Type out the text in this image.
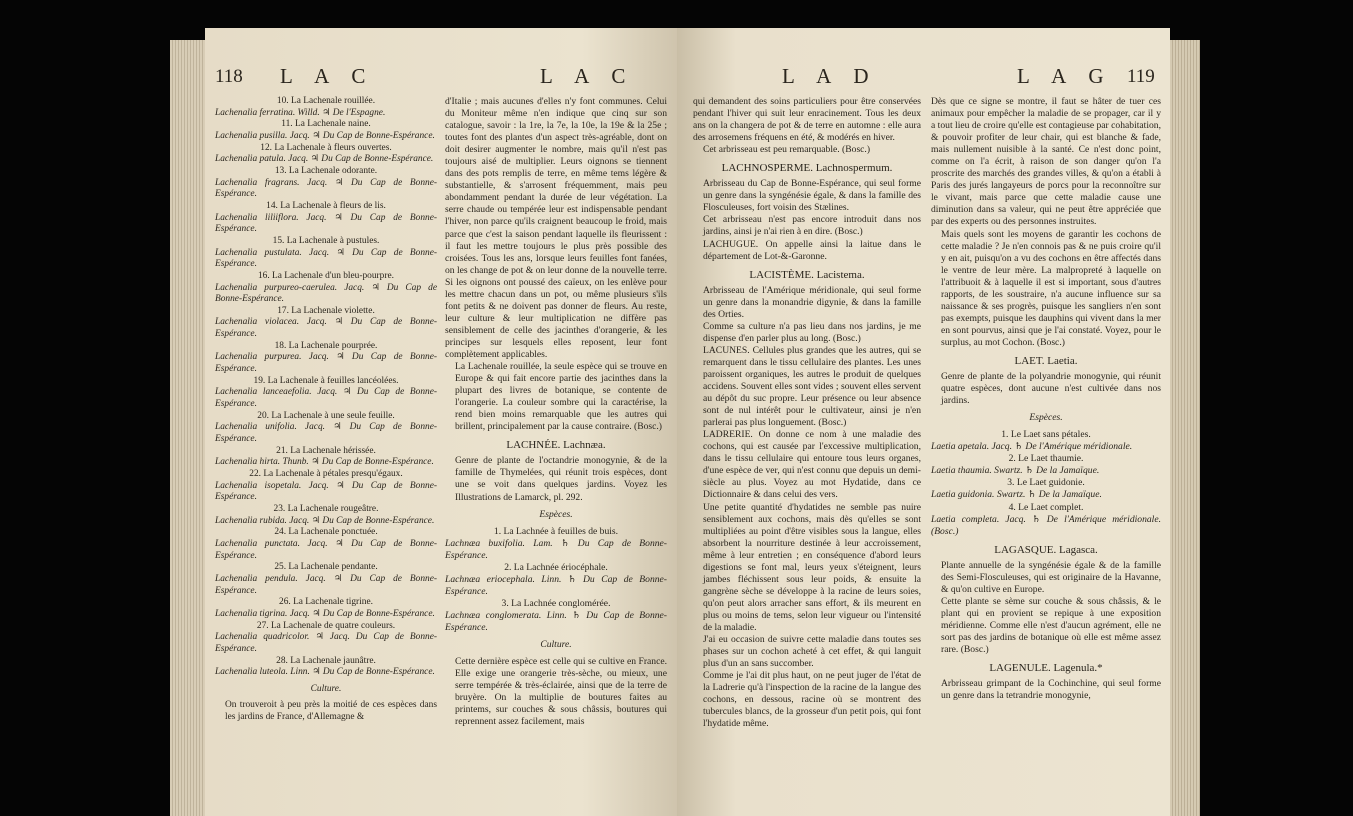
118 L A C	L A C

10. La Lachenale rouillée.

Lachenalia ferratina. Willd. ♃ De l'Espagne.

11. La Lachenale naine.

Lachenalia pusilla. Jacq. ♃ Du Cap de Bonne-Espérance.

12. La Lachenale à fleurs ouvertes.

Lachenalia patula. Jacq. ♃ Du Cap de Bonne-Espérance.

13. La Lachenale odorante.

Lachenalia fragrans. Jacq. ♃ Du Cap de Bonne-Espérance.

14. La Lachenale à fleurs de lis.

Lachenalia liliiflora. Jacq. ♃ Du Cap de Bonne-Espérance.

15. La Lachenale à pustules.

Lachenalia pustulata. Jacq. ♃ Du Cap de Bonne-Espérance.

16. La Lachenale d'un bleu-pourpre.

Lachenalia purpureo-caerulea. Jacq. ♃ Du Cap de Bonne-Espérance.

17. La Lachenale violette.

Lachenalia violacea. Jacq. ♃ Du Cap de Bonne-Espérance.

18. La Lachenale pourprée.

Lachenalia purpurea. Jacq. ♃ Du Cap de Bonne-Espérance.

19. La Lachenale à feuilles lancéolées.

Lachenalia lanceaefolia. Jacq. ♃ Du Cap de Bonne-Espérance.

20. La Lachenale à une seule feuille.

Lachenalia unifolia. Jacq. ♃ Du Cap de Bonne-Espérance.

21. La Lachenale hérissée.

Lachenalia hirta. Thunb. ♃ Du Cap de Bonne-Espérance.

22. La Lachenale à pétales presqu'égaux.

Lachenalia isopetala. Jacq. ♃ Du Cap de Bonne-Espérance.

23. La Lachenale rougeâtre.

Lachenalia rubida. Jacq. ♃ Du Cap de Bonne-Espérance.

24. La Lachenale ponctuée.

Lachenalia punctata. Jacq. ♃ Du Cap de Bonne-Espérance.

25. La Lachenale pendante.

Lachenalia pendula. Jacq. ♃ Du Cap de Bonne-Espérance.

26. La Lachenale tigrine.

Lachenalia tigrina. Jacq. ♃ Du Cap de Bonne-Espérance.

27. La Lachenale de quatre couleurs.

Lachenalia quadricolor. ♃ Jacq. Du Cap de Bonne-Espérance.

28. La Lachenale jaunâtre.

Lachenalia luteola. Linn. ♃ Du Cap de Bonne-Espérance.

Culture.

On trouveroit à peu près la moitié de ces espèces dans les jardins de France, d'Allemagne &

d'Italie ; mais aucunes d'elles n'y font communes. Celui du Moniteur même n'en indique que cinq sur son catalogue, savoir : la 1re, la 7e, la 10e, la 19e & la 25e ; toutes font des plantes d'un aspect très-agréable, dont on doit desirer augmenter le nombre, mais qu'il n'est pas toujours aisé de multiplier. Leurs oignons se tiennent dans des pots remplis de terre, en même tems légère & substantielle, & s'arrosent fréquemment, mais peu abondamment pendant la durée de leur végétation. La serre chaude ou tempérée leur est indispensable pendant l'hiver, non parce qu'ils craignent beaucoup le froid, mais parce que c'est la saison pendant laquelle ils fleurissent : il faut les mettre toujours le plus près possible des croisées. Tous les ans, lorsque leurs feuilles font fanées, on les change de pot & on leur donne de la nouvelle terre. Si les oignons ont poussé des caïeux, on les enlève pour les mettre chacun dans un pot, ou même plusieurs s'ils font petits & ne doivent pas donner de fleurs. Au reste, leur culture & leur multiplication ne diffère pas sensiblement de celle des jacinthes d'orangerie, & les principes sur lesquels elles reposent, leur font complètement applicables.

La Lachenale rouillée, la seule espèce qui se trouve en Europe & qui fait encore partie des jacinthes dans la plupart des livres de botanique, se contente de l'orangerie. La couleur sombre qui la caractérise, la rend bien moins remarquable que les autres qui brillent, principalement par la cause contraire. (Bosc.)

LACHNÉE. Lachnæa.

Genre de plante de l'octandrie monogynie, & de la famille de Thymelées, qui réunit trois espèces, dont une se voit dans quelques jardins. Voyez les Illustrations de Lamarck, pl. 292.

Espèces.

1. La Lachnée à feuilles de buis.

Lachnæa buxifolia. Lam. ♄ Du Cap de Bonne-Espérance.

2. La Lachnée ériocéphale.

Lachnæa eriocephala. Linn. ♄ Du Cap de Bonne-Espérance.

3. La Lachnée conglomérée.

Lachnæa conglomerata. Linn. ♄ Du Cap de Bonne-Espérance.

Culture.

Cette dernière espèce est celle qui se cultive en France. Elle exige une orangerie très-sèche, ou mieux, une serre tempérée & très-éclairée, ainsi que de la terre de bruyère. On la multiplie de boutures faites au printems, sur couches & sous châssis, boutures qui reprennent assez facilement, mais

L A D	L A G 119

qui demandent des soins particuliers pour être conservées pendant l'hiver qui suit leur enracinement. Tous les deux ans on la changera de pot & de terre en automne : elle aura des arrosemens fréquens en été, & modérés en hiver.

Cet arbrisseau est peu remarquable. (Bosc.)

LACHNOSPERME. Lachnospermum.

Arbrisseau du Cap de Bonne-Espérance, qui seul forme un genre dans la syngénésie égale, & dans la famille des Flosculeuses, fort voisin des Stælines.

Cet arbrisseau n'est pas encore introduit dans nos jardins, ainsi je n'ai rien à en dire. (Bosc.)

LACHUGUE. On appelle ainsi la laitue dans le département de Lot-&-Garonne.

LACISTÈME. Lacistema.

Arbrisseau de l'Amérique méridionale, qui seul forme un genre dans la monandrie digynie, & dans la famille des Orties.

Comme sa culture n'a pas lieu dans nos jardins, je me dispense d'en parler plus au long. (Bosc.)

LACUNES. Cellules plus grandes que les autres, qui se remarquent dans le tissu cellulaire des plantes. Les unes paroissent organiques, les autres le produit de quelques accidens. Souvent elles sont vides ; souvent elles servent au dépôt du suc propre. Leur présence ou leur absence sont de nul intérêt pour le cultivateur, ainsi je n'en parlerai pas plus longuement. (Bosc.)

LADRERIE. On donne ce nom à une maladie des cochons, qui est causée par l'excessive multiplication, dans le tissu cellulaire qui entoure tous leurs organes, d'une espèce de ver, qui n'est connu que depuis un demi-siècle au plus. Voyez au mot Hydatide, dans ce Dictionnaire & dans celui des vers.

Une petite quantité d'hydatides ne semble pas nuire sensiblement aux cochons, mais dès qu'elles se sont multipliées au point d'être visibles sous la langue, elles absorbent la nourriture destinée à leur accroissement, même à leur entretien ; en conséquence d'abord leurs digestions se font mal, leurs yeux s'éteignent, leurs jambes fléchissent sous leur poids, & ensuite la gangrène sèche se développe à la racine de leurs soies, qu'on peut alors arracher sans effort, & ils meurent en plus ou moins de tems, selon leur vigueur ou l'intensité de la maladie.

J'ai eu occasion de suivre cette maladie dans toutes ses phases sur un cochon acheté à cet effet, & qui languit plus d'un an sans succomber.

Comme je l'ai dit plus haut, on ne peut juger de l'état de la Ladrerie qu'à l'inspection de la racine de la langue des cochons, en dessous, racine où se montrent des tubercules blancs, de la grosseur d'un petit pois, qui font l'hydatide même.

Dès que ce signe se montre, il faut se hâter de tuer ces animaux pour empêcher la maladie de se propager, car il y a tout lieu de croire qu'elle est contagieuse par cohabitation, & pouvoir profiter de leur chair, qui est blanche & fade, mais nullement nuisible à la santé. Ce n'est donc point, comme on l'a écrit, à raison de son danger qu'on l'a proscrite des marchés des grandes villes, & qu'on a établi à Paris des jurés langayeurs de porcs pour la reconnoître sur le vivant, mais parce que cette maladie cause une diminution dans sa valeur, qui ne peut être appréciée que par des experts ou des personnes instruites.

Mais quels sont les moyens de garantir les cochons de cette maladie ? Je n'en connois pas & ne puis croire qu'il y en ait, puisqu'on a vu des cochons en être affectés dans le ventre de leur mère. La malpropreté à laquelle on l'attribuoit & à laquelle il est si important, sous d'autres rapports, de les soustraire, n'a aucune influence sur sa naissance & ses progrès, puisque les sangliers n'en sont pas exempts, puisque les dauphins qui vivent dans la mer en sont pourvus, ainsi que je l'ai constaté. Voyez, pour le surplus, au mot Cochon. (Bosc.)

LAET. Laetia.

Genre de plante de la polyandrie monogynie, qui réunit quatre espèces, dont aucune n'est cultivée dans nos jardins.

Espèces.

1. Le Laet sans pétales.

Laetia apetala. Jacq. ♄ De l'Amérique méridionale.

2. Le Laet thaumie.

Laetia thaumia. Swartz. ♄ De la Jamaïque.

3. Le Laet guidonie.

Laetia guidonia. Swartz. ♄ De la Jamaïque.

4. Le Laet complet.

Laetia completa. Jacq. ♄ De l'Amérique méridionale. (Bosc.)

LAGASQUE. Lagasca.

Plante annuelle de la syngénésie égale & de la famille des Semi-Flosculeuses, qui est originaire de la Havanne, & qu'on cultive en Europe.

Cette plante se sème sur couche & sous châssis, & le plant qui en provient se repique à une exposition méridienne. Comme elle n'est d'aucun agrément, elle ne sort pas des jardins de botanique où elle est même assez rare. (Bosc.)

LAGENULE. Lagenula.*

Arbrisseau grimpant de la Cochinchine, qui seul forme un genre dans la tetrandrie monogynie,
